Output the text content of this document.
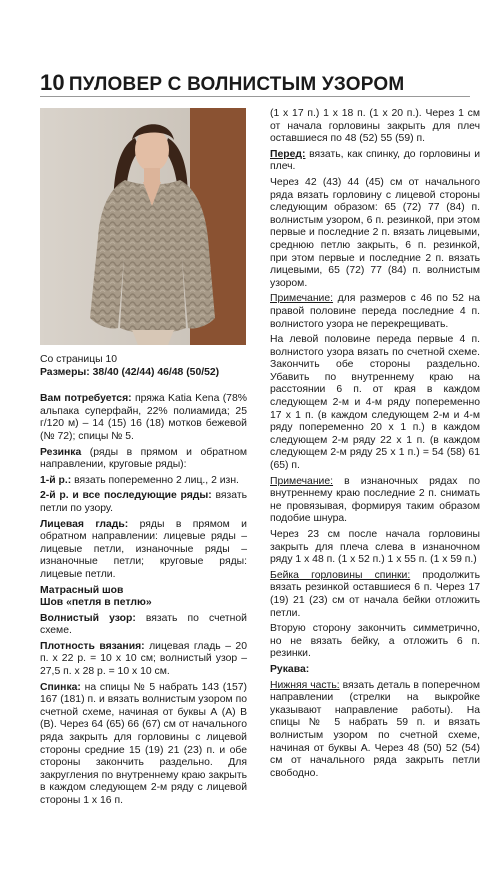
10 ПУЛОВЕР С ВОЛНИСТЫМ УЗОРОМ

Со страницы 10

Размеры: 38/40 (42/44) 46/48 (50/52)

Вам потребуется: пряжа Katia Kena (78% альпака суперфайн, 22% полиамида; 25 г/120 м) – 14 (15) 16 (18) мотков бежевой (№ 72); спицы № 5.

Резинка (ряды в прямом и обратном направлении, круговые ряды):

1-й р.: вязать попеременно 2 лиц., 2 изн.

2-й р. и все последующие ряды: вязать петли по узору.

Лицевая гладь: ряды в прямом и обратном направлении: лицевые ряды – лицевые петли, изнаночные ряды – изнаночные петли; круговые ряды: лицевые петли.

Матрасный шов

Шов «петля в петлю»

Волнистый узор: вязать по счетной схеме.

Плотность вязания: лицевая гладь – 20 п. x 22 р. = 10 x 10 см; волнистый узор – 27,5 п. x 28 р. = 10 x 10 см.

Спинка: на спицы № 5 набрать 143 (157) 167 (181) п. и вязать волнистым узором по счетной схеме, начиная от буквы А (А) В (В). Через 64 (65) 66 (67) см от начального ряда закрыть для горловины с лицевой стороны средние 15 (19) 21 (23) п. и обе стороны закончить раздельно. Для закругления по внутреннему краю закрыть в каждом следующем 2-м ряду с лицевой стороны 1 x 16 п.

(1 x 17 п.) 1 x 18 п. (1 x 20 п.). Через 1 см от начала горловины закрыть для плеч оставшиеся по 48 (52) 55 (59) п.

Перед: вязать, как спинку, до горловины и плеч.

Через 42 (43) 44 (45) см от начального ряда вязать горловину с лицевой стороны следующим образом: 65 (72) 77 (84) п. волнистым узором, 6 п. резинкой, при этом первые и последние 2 п. вязать лицевыми, среднюю петлю закрыть, 6 п. резинкой, при этом первые и последние 2 п. вязать лицевыми, 65 (72) 77 (84) п. волнистым узором.

Примечание: для размеров с 46 по 52 на правой половине переда последние 4 п. волнистого узора не перекрещивать.

На левой половине переда первые 4 п. волнистого узора вязать по счетной схеме. Закончить обе стороны раздельно. Убавить по внутреннему краю на расстоянии 6 п. от края в каждом следующем 2-м и 4-м ряду попеременно 17 x 1 п. (в каждом следующем 2-м и 4-м ряду попеременно 20 x 1 п.) в каждом следующем 2-м ряду 22 x 1 п. (в каждом следующем 2-м ряду 25 x 1 п.) = 54 (58) 61 (65) п.

Примечание: в изнаночных рядах по внутреннему краю последние 2 п. снимать не провязывая, формируя таким образом подобие шнура.

Через 23 см после начала горловины закрыть для плеча слева в изнаночном ряду 1 x 48 п. (1 x 52 п.) 1 x 55 п. (1 x 59 п.)

Бейка горловины спинки: продолжить вязать резинкой оставшиеся 6 п. Через 17 (19) 21 (23) см от начала бейки отложить петли.

Вторую сторону закончить симметрично, но не вязать бейку, а отложить 6 п. резинки.

Рукава:

Нижняя часть: вязать деталь в поперечном направлении (стрелки на выкройке указывают направление работы). На спицы № 5 набрать 59 п. и вязать волнистым узором по счетной схеме, начиная от буквы А. Через 48 (50) 52 (54) см от начального ряда закрыть петли свободно.
